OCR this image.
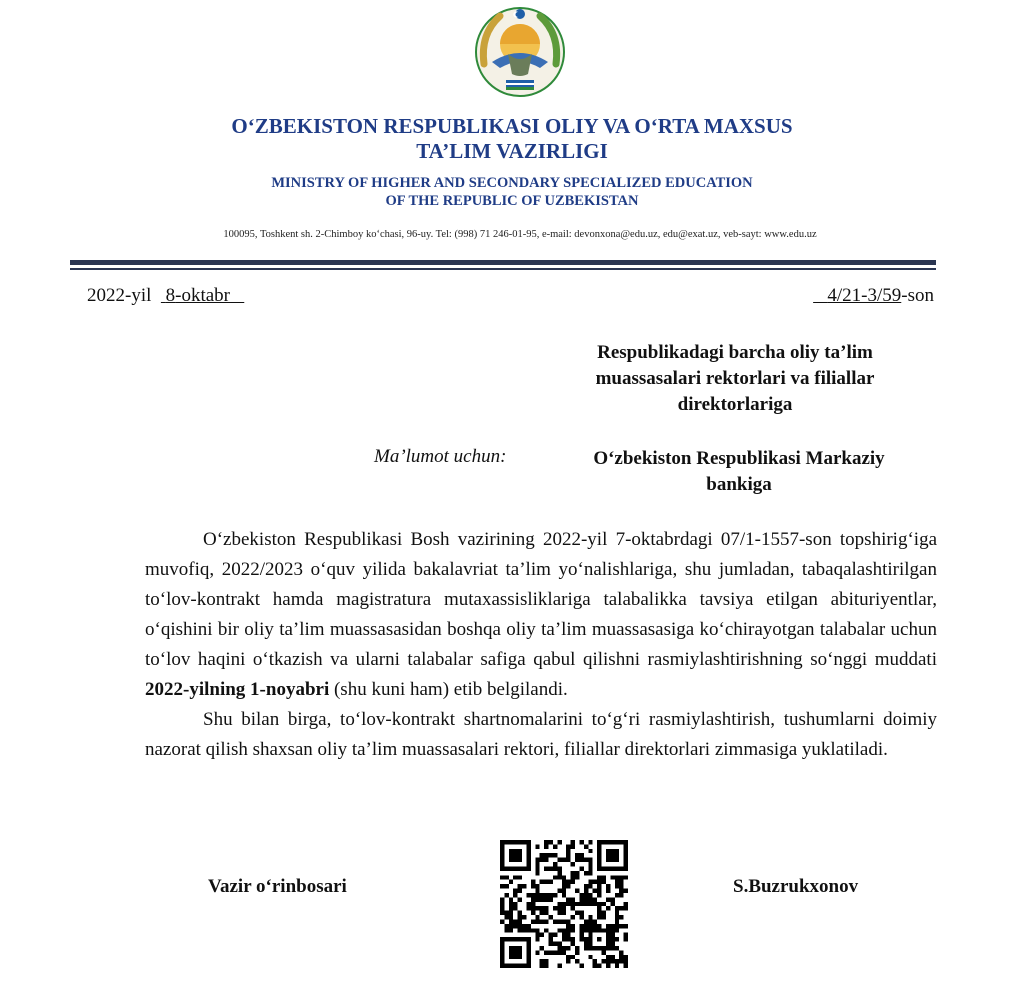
O‘ZBEKISTON RESPUBLIKASI OLIY VA O‘RTA MAXSUS
TA’LIM VAZIRLIGI
MINISTRY OF HIGHER AND SECONDARY SPECIALIZED EDUCATION
OF THE REPUBLIC OF UZBEKISTAN
100095, Toshkent sh. 2-Chimboy ko‘chasi, 96-uy. Tel: (998) 71 246-01-95, e-mail: devonxona@edu.uz, edu@exat.uz, veb-sayt: www.edu.uz
2022-yil 8-oktabr	4/21-3/59-son
Respublikadagi barcha oliy ta’lim
muassasalari rektorlari va filiallar
direktorlariga
Ma’lumot uchun:	O‘zbekiston Respublikasi Markaziy
bankiga

O‘zbekiston Respublikasi Bosh vazirining 2022-yil 7-oktabrdagi 07/1-1557-son topshirig‘iga muvofiq, 2022/2023 o‘quv yilida bakalavriat ta’lim yo‘nalishlariga, shu jumladan, tabaqalashtirilgan to‘lov-kontrakt hamda magistratura mutaxassisliklariga talabalikka tavsiya etilgan abituriyentlar, o‘qishini bir oliy ta’lim muassasasidan boshqa oliy ta’lim muassasasiga ko‘chirayotgan talabalar uchun to‘lov haqini o‘tkazish va ularni talabalar safiga qabul qilishni rasmiylashtirishning so‘nggi muddati 2022-yilning 1-noyabri (shu kuni ham) etib belgilandi.

Shu bilan birga, to‘lov-kontrakt shartnomalarini to‘g‘ri rasmiylashtirish, tushumlarni doimiy nazorat qilish shaxsan oliy ta’lim muassasalari rektori, filiallar direktorlari zimmasiga yuklatiladi.

Vazir o‘rinbosari	S.Buzrukxonov
